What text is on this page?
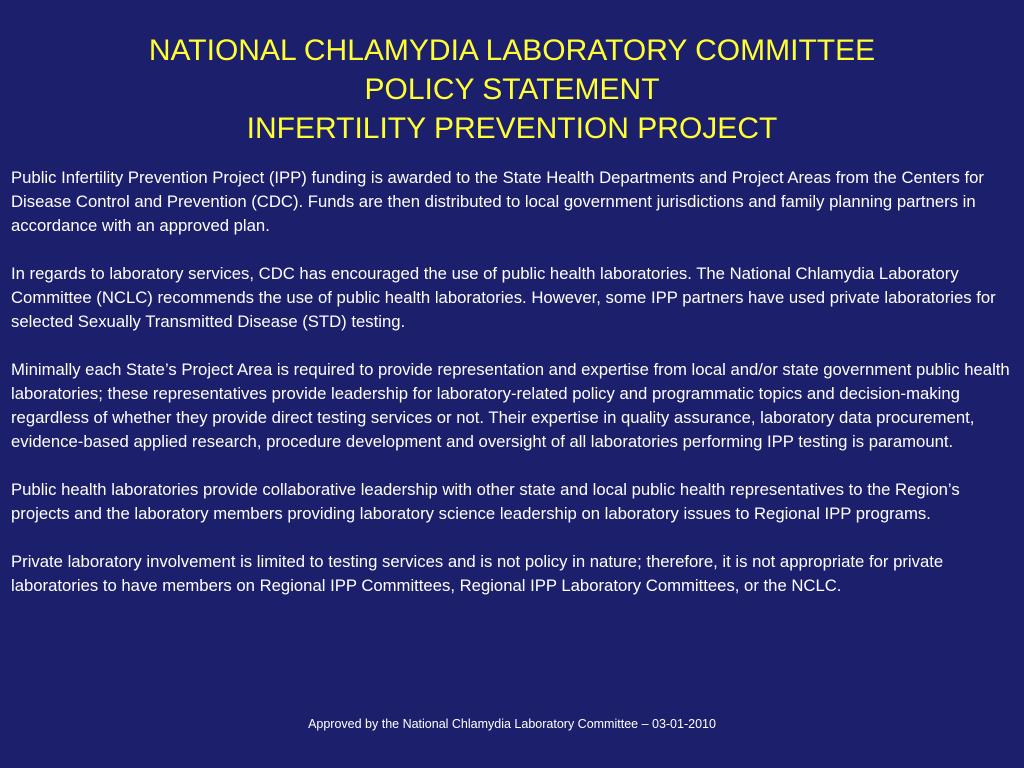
NATIONAL CHLAMYDIA LABORATORY COMMITTEE
POLICY STATEMENT
INFERTILITY PREVENTION PROJECT

Public Infertility Prevention Project (IPP) funding is awarded to the State Health Departments and Project Areas from the Centers for Disease Control and Prevention (CDC). Funds are then distributed to local government jurisdictions and family planning partners in accordance with an approved plan.

In regards to laboratory services, CDC has encouraged the use of public health laboratories. The National Chlamydia Laboratory Committee (NCLC) recommends the use of public health laboratories. However, some IPP partners have used private laboratories for selected Sexually Transmitted Disease (STD) testing.

Minimally each State’s Project Area is required to provide representation and expertise from local and/or state government public health laboratories; these representatives provide leadership for laboratory-related policy and programmatic topics and decision-making regardless of whether they provide direct testing services or not. Their expertise in quality assurance, laboratory data procurement, evidence-based applied research, procedure development and oversight of all laboratories performing IPP testing is paramount.

Public health laboratories provide collaborative leadership with other state and local public health representatives to the Region’s projects and the laboratory members providing laboratory science leadership on laboratory issues to Regional IPP programs.

Private laboratory involvement is limited to testing services and is not policy in nature; therefore, it is not appropriate for private laboratories to have members on Regional IPP Committees, Regional IPP Laboratory Committees, or the NCLC.

Approved by the National Chlamydia Laboratory Committee – 03-01-2010
